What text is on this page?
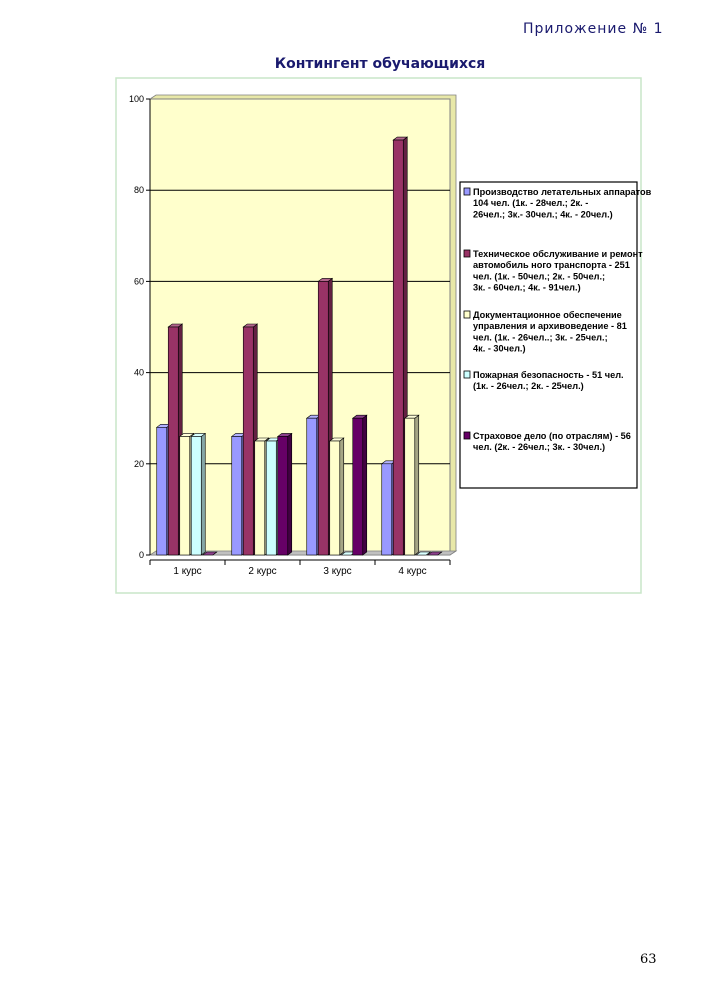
Приложение № 1
Контингент обучающихся
0
20
40
60
80
100
1 курс	2 курс	3 курс	4 курс
Производство летательных аппаратов 104 чел. (1к. - 28чел.; 2к. -26чел.; 3к.- 30чел.; 4к. - 20чел.)
Техническое обслуживание и ремонт автомобиль ного транспорта - 251 чел. (1к. - 50чел.; 2к. - 50чел.; 3к. - 60чел.; 4к. - 91чел.)
Документационное обеспечение управления и архивоведение - 81 чел. (1к. - 26чел..; 3к. - 25чел.; 4к. - 30чел.)
Пожарная безопасность - 51 чел. (1к. - 26чел.; 2к. - 25чел.)
Страховое дело (по отраслям) - 56 чел. (2к. - 26чел.; 3к. - 30чел.)
63
